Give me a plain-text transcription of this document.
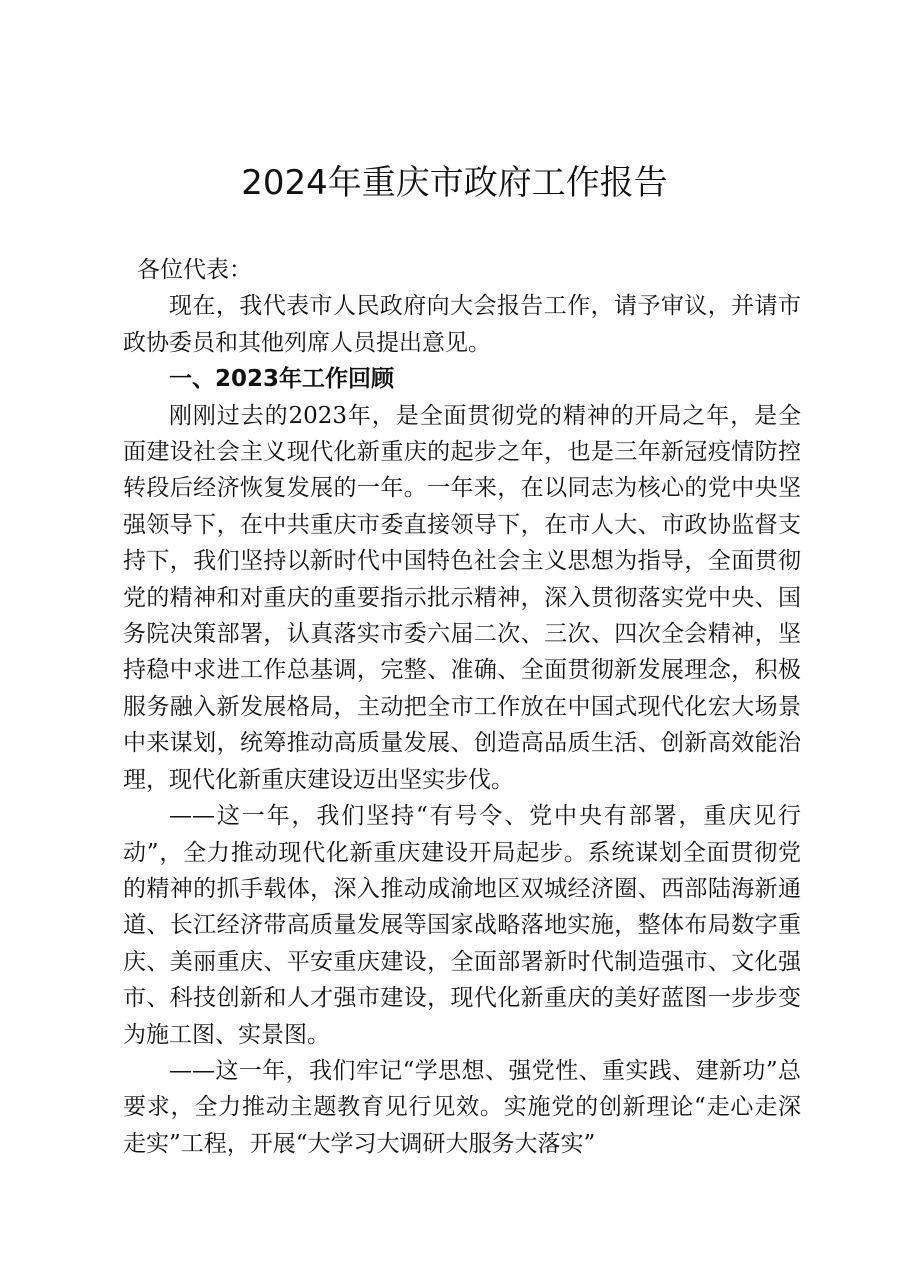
2024年重庆市政府工作报告

各位代表：

现在，我代表市人民政府向大会报告工作，请予审议，并请市政协委员和其他列席人员提出意见。

一、2023年工作回顾

刚刚过去的2023年，是全面贯彻党的精神的开局之年，是全面建设社会主义现代化新重庆的起步之年，也是三年新冠疫情防控转段后经济恢复发展的一年。一年来，在以同志为核心的党中央坚强领导下，在中共重庆市委直接领导下，在市人大、市政协监督支持下，我们坚持以新时代中国特色社会主义思想为指导，全面贯彻党的精神和对重庆的重要指示批示精神，深入贯彻落实党中央、国务院决策部署，认真落实市委六届二次、三次、四次全会精神，坚持稳中求进工作总基调，完整、准确、全面贯彻新发展理念，积极服务融入新发展格局，主动把全市工作放在中国式现代化宏大场景中来谋划，统筹推动高质量发展、创造高品质生活、创新高效能治理，现代化新重庆建设迈出坚实步伐。

——这一年，我们坚持“有号令、党中央有部署，重庆见行动”，全力推动现代化新重庆建设开局起步。系统谋划全面贯彻党的精神的抓手载体，深入推动成渝地区双城经济圈、西部陆海新通道、长江经济带高质量发展等国家战略落地实施，整体布局数字重庆、美丽重庆、平安重庆建设，全面部署新时代制造强市、文化强市、科技创新和人才强市建设，现代化新重庆的美好蓝图一步步变为施工图、实景图。

——这一年，我们牢记“学思想、强党性、重实践、建新功”总要求，全力推动主题教育见行见效。实施党的创新理论“走心走深走实”工程，开展“大学习大调研大服务大落实”
